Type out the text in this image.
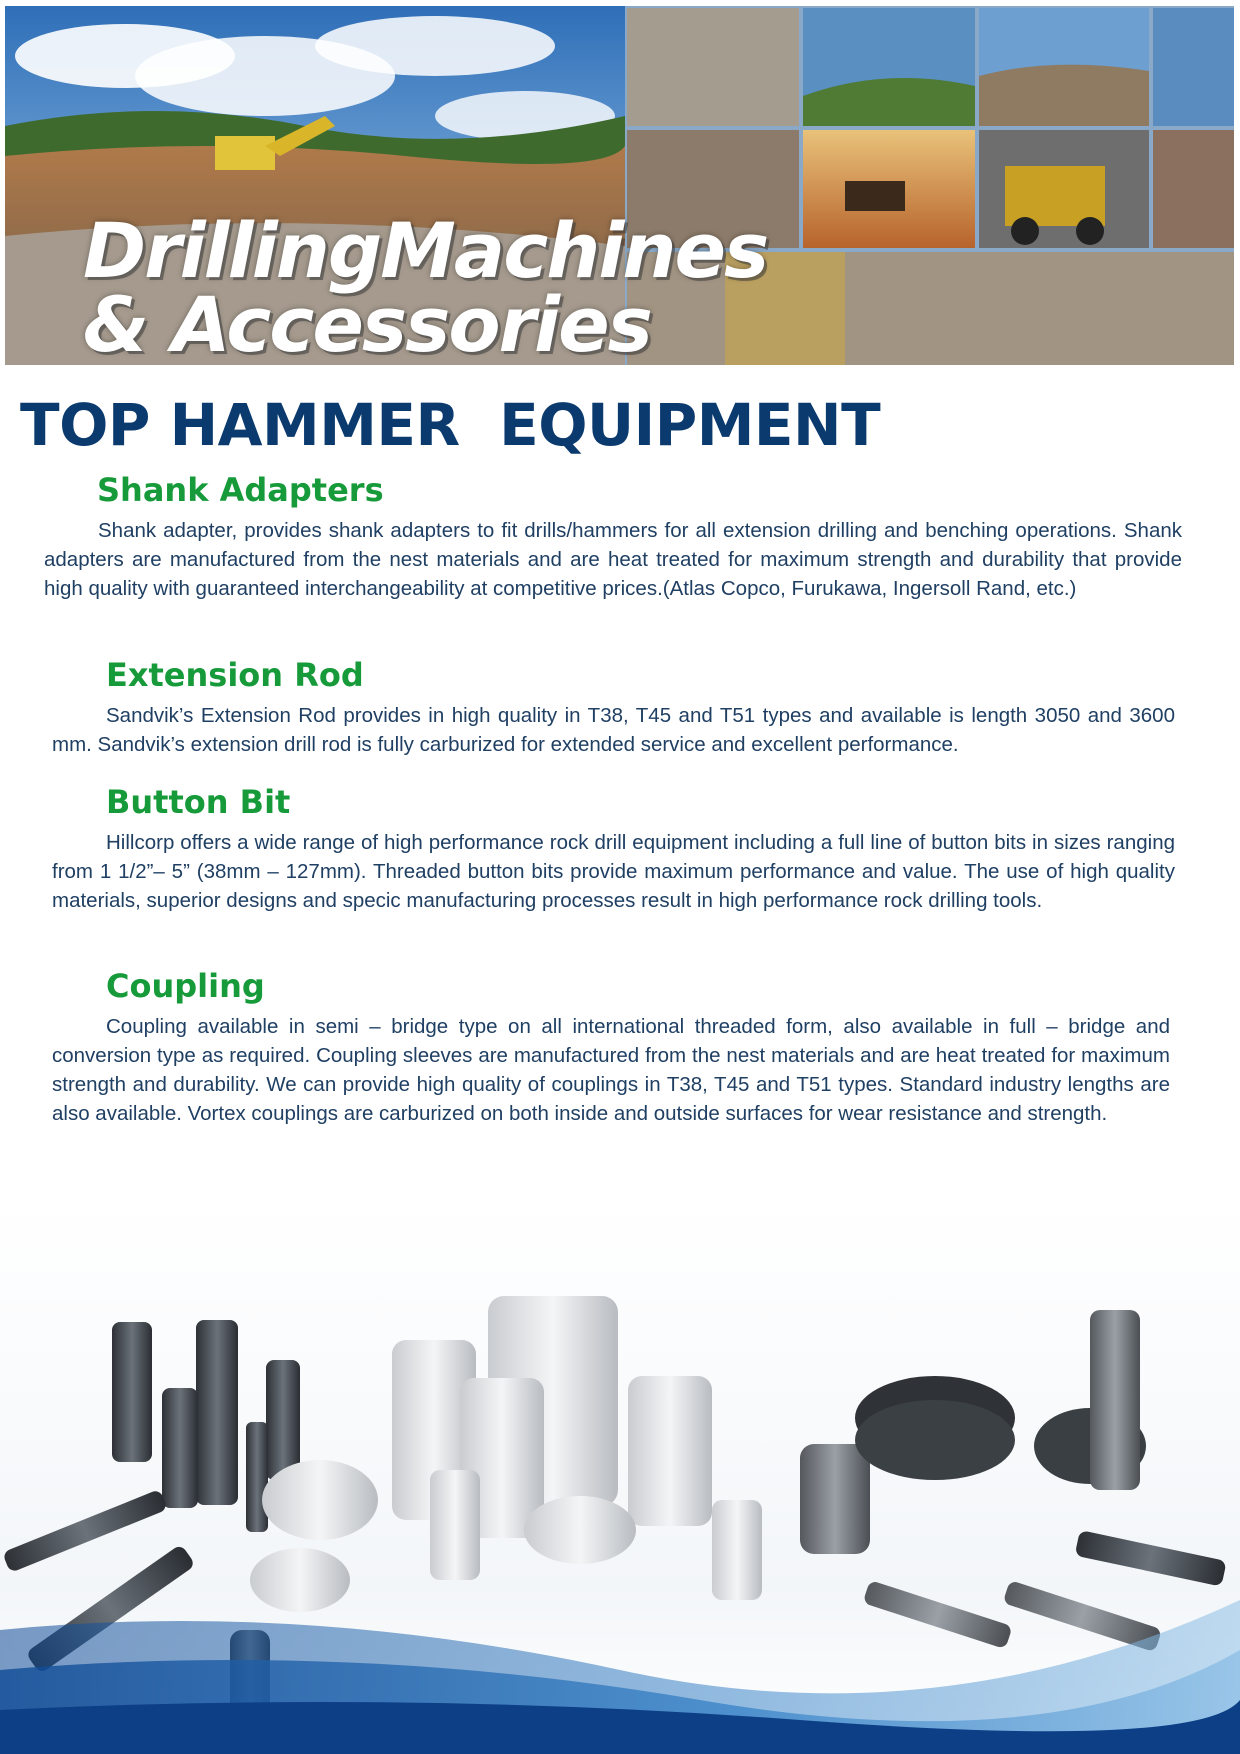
DrillingMachines
& Accessories
TOP HAMMER  EQUIPMENT
Shank Adapters
Shank adapter, provides shank adapters to fit drills/hammers for all extension drilling and benching operations. Shank adapters are manufactured from the nest materials and are heat treated for maximum strength and durability that provide high quality with guaranteed interchangeability at competitive prices.(Atlas Copco, Furukawa, Ingersoll Rand, etc.)
Extension Rod
Sandvik’s Extension Rod provides in high quality in T38, T45 and T51 types and available is length 3050 and 3600 mm. Sandvik’s extension drill rod is fully carburized for extended service and excellent performance.
Button Bit
Hillcorp offers a wide range of high performance rock drill equipment including a full line of button bits in sizes ranging from 1 1/2”– 5” (38mm – 127mm). Threaded button bits provide maximum performance and value. The use of high quality materials, superior designs and specic manufacturing processes result in high performance rock drilling tools.
Coupling
Coupling available in semi – bridge type on all international threaded form, also available in full – bridge and conversion type as required. Coupling sleeves are manufactured from the nest materials and are heat treated for maximum strength and durability. We can provide high quality of couplings in T38, T45 and T51 types. Standard industry lengths are also available. Vortex couplings are carburized on both inside and outside surfaces for wear resistance and strength.
